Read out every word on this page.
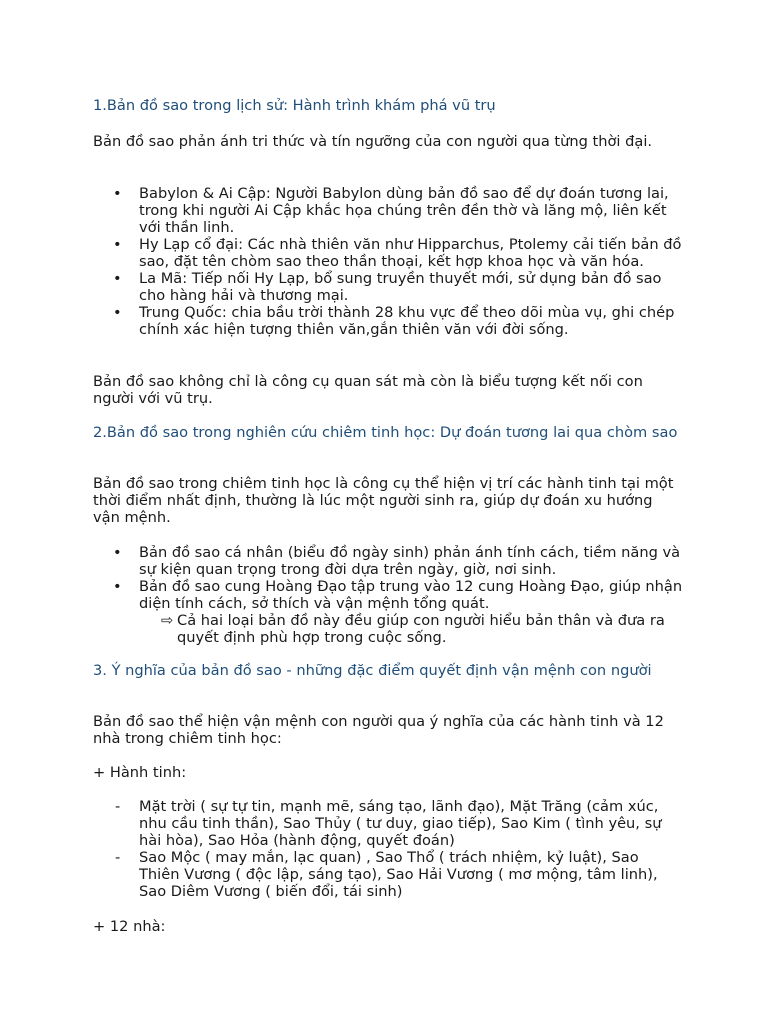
1.Bản đồ sao trong lịch sử: Hành trình khám phá vũ trụ

Bản đồ sao phản ánh tri thức và tín ngưỡng của con người qua từng thời đại.

• Babylon & Ai Cập: Người Babylon dùng bản đồ sao để dự đoán tương lai, trong khi người Ai Cập khắc họa chúng trên đền thờ và lăng mộ, liên kết với thần linh.
• Hy Lạp cổ đại: Các nhà thiên văn như Hipparchus, Ptolemy cải tiến bản đồ sao, đặt tên chòm sao theo thần thoại, kết hợp khoa học và văn hóa.
• La Mã: Tiếp nối Hy Lạp, bổ sung truyền thuyết mới, sử dụng bản đồ sao cho hàng hải và thương mại.
• Trung Quốc: chia bầu trời thành 28 khu vực để theo dõi mùa vụ, ghi chép chính xác hiện tượng thiên văn,gắn thiên văn với đời sống.

Bản đồ sao không chỉ là công cụ quan sát mà còn là biểu tượng kết nối con người với vũ trụ.

2.Bản đồ sao trong nghiên cứu chiêm tinh học: Dự đoán tương lai qua chòm sao

Bản đồ sao trong chiêm tinh học là công cụ thể hiện vị trí các hành tinh tại một thời điểm nhất định, thường là lúc một người sinh ra, giúp dự đoán xu hướng vận mệnh.

• Bản đồ sao cá nhân (biểu đồ ngày sinh) phản ánh tính cách, tiềm năng và sự kiện quan trọng trong đời dựa trên ngày, giờ, nơi sinh.
• Bản đồ sao cung Hoàng Đạo tập trung vào 12 cung Hoàng Đạo, giúp nhận diện tính cách, sở thích và vận mệnh tổng quát.
⇨ Cả hai loại bản đồ này đều giúp con người hiểu bản thân và đưa ra quyết định phù hợp trong cuộc sống.

3. Ý nghĩa của bản đồ sao - những đặc điểm quyết định vận mệnh con người

Bản đồ sao thể hiện vận mệnh con người qua ý nghĩa của các hành tinh và 12 nhà trong chiêm tinh học:

+ Hành tinh:

- Mặt trời ( sự tự tin, mạnh mẽ, sáng tạo, lãnh đạo), Mặt Trăng (cảm xúc, nhu cầu tinh thần), Sao Thủy ( tư duy, giao tiếp), Sao Kim ( tình yêu, sự hài hòa), Sao Hỏa (hành động, quyết đoán)
- Sao Mộc ( may mắn, lạc quan) , Sao Thổ ( trách nhiệm, kỷ luật), Sao Thiên Vương ( độc lập, sáng tạo), Sao Hải Vương ( mơ mộng, tâm linh), Sao Diêm Vương ( biến đổi, tái sinh)

+ 12 nhà:
